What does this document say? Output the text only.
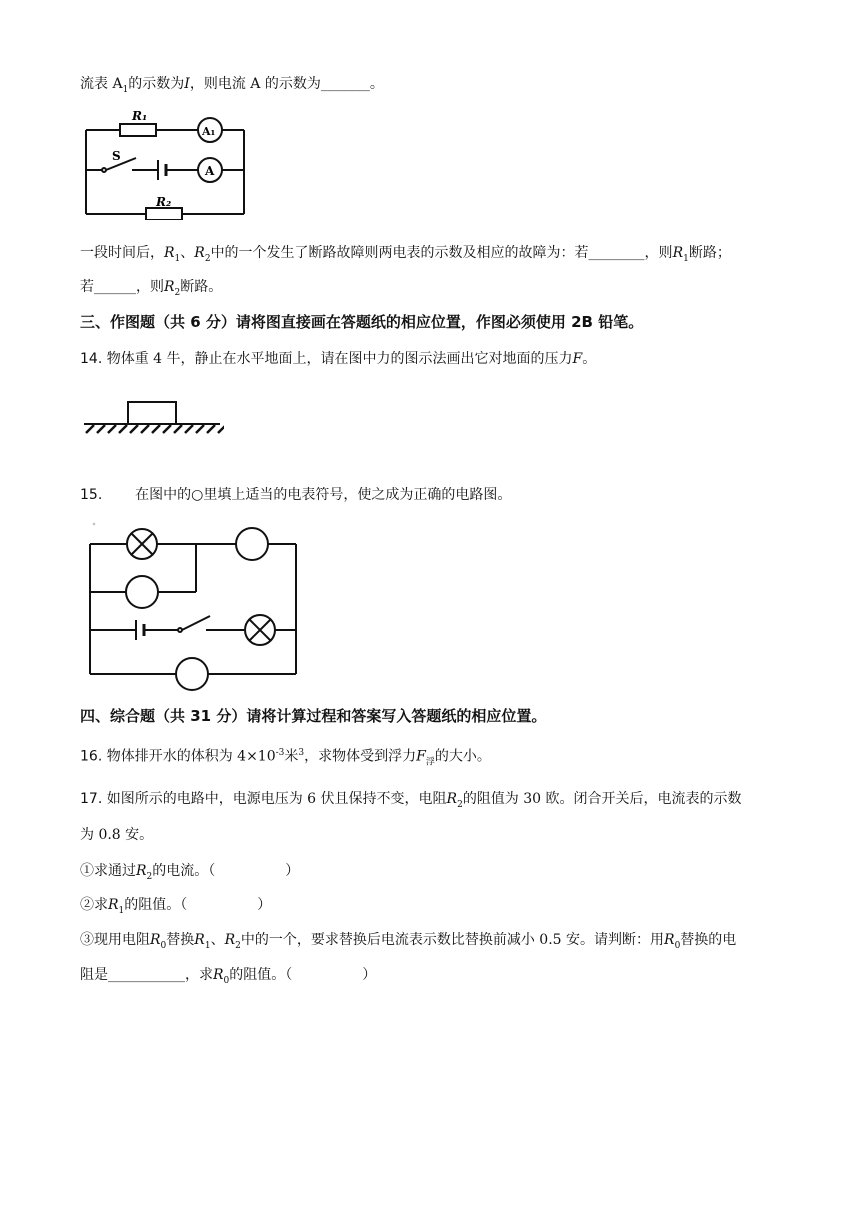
流表 $A_1$的示数为I，则电流 A 的示数为_______。
R₁
A₁
S
A
R₂
一段时间后，$R_1$、$R_2$中的一个发生了断路故障则两电表的示数及相应的故障为：若________，则$R_1$断路；
若______，则$R_2$断路。
三、作图题（共 6 分）请将图直接画在答题纸的相应位置，作图必须使用 2B 铅笔。
14. 物体重 4 牛，静止在水平地面上，请在图中力的图示法画出它对地面的压力F。
15. 在图中的○里填上适当的电表符号，使之成为正确的电路图。
四、综合题（共 31 分）请将计算过程和答案写入答题纸的相应位置。
16. 物体排开水的体积为 $4\times 10^{-3}$米$^3$，求物体受到浮力$F_浮$的大小。
17. 如图所示的电路中，电源电压为 6 伏且保持不变，电阻$R_2$的阻值为 30 欧。闭合开关后，电流表的示数
为 0.8 安。
①求通过$R_2$的电流。（　　　　　）
②求$R_1$的阻值。（　　　　　）
③现用电阻$R_0$替换$R_1$、$R_2$中的一个，要求替换后电流表示数比替换前减小 0.5 安。请判断：用$R_0$替换的电
阻是___________，求$R_0$的阻值。（　　　　　）
